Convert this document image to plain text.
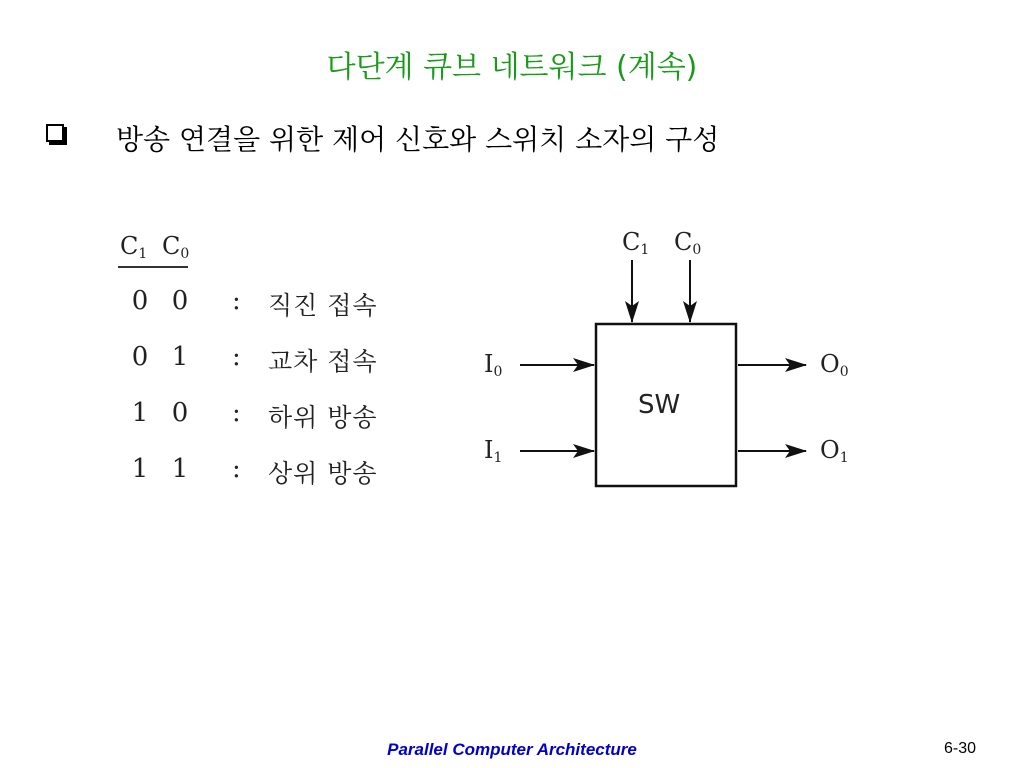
다단계 큐브 네트워크 (계속)
방송 연결을 위한 제어 신호와 스위치 소자의 구성
$C_1$ $C_0$
0 0 : 직진 접속
0 1 : 교차 접속
1 0 : 하위 방송
1 1 : 상위 방송
$C_1$ $C_0$
$I_0$
$I_1$
$O_0$
$O_1$
SW
Parallel Computer Architecture	6-30
